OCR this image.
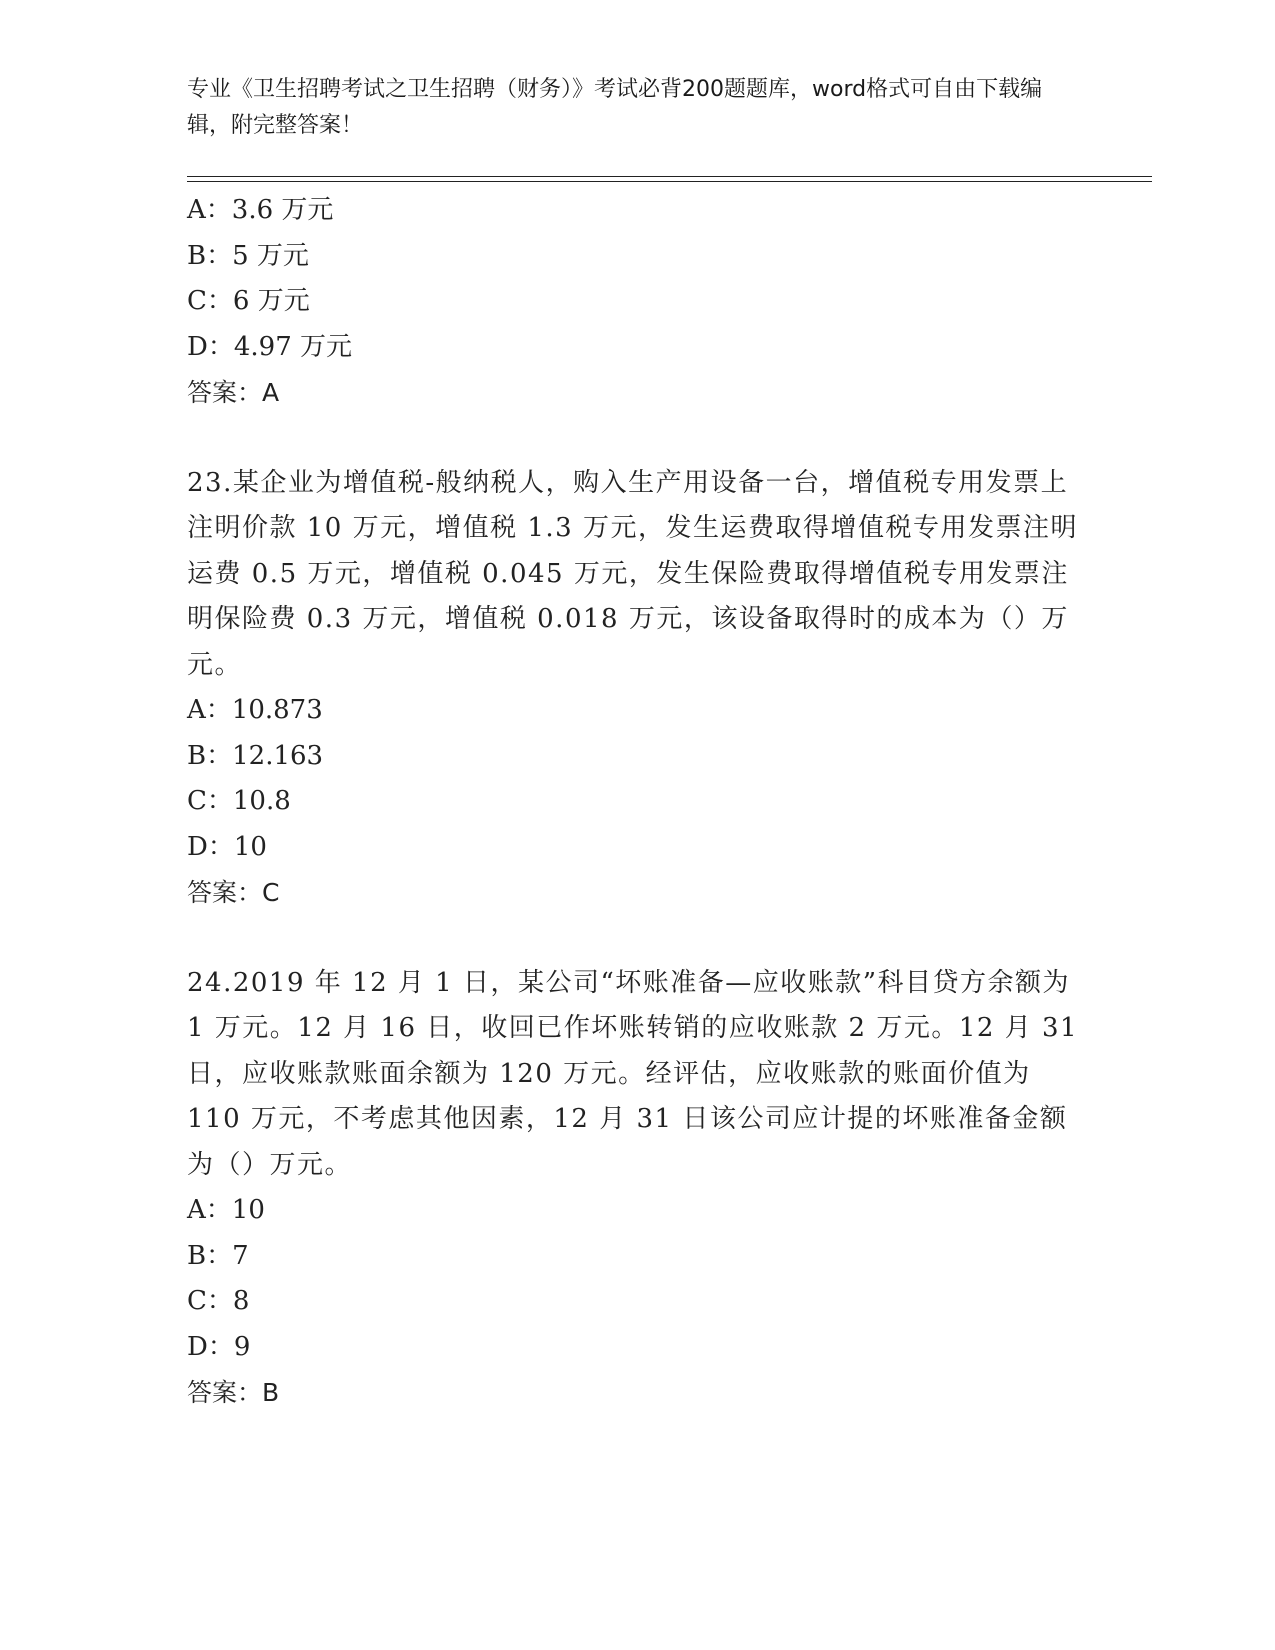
专业《卫生招聘考试之卫生招聘（财务）》考试必背200题题库，word格式可自由下载编辑，附完整答案！
A：3.6 万元
B：5 万元
C：6 万元
D：4.97 万元
答案：A
23.某企业为增值税-般纳税人，购入生产用设备一台，增值税专用发票上注明价款 10 万元，增值税 1.3 万元，发生运费取得增值税专用发票注明运费 0.5 万元，增值税 0.045 万元，发生保险费取得增值税专用发票注明保险费 0.3 万元，增值税 0.018 万元，该设备取得时的成本为（）万元。
A：10.873
B：12.163
C：10.8
D：10
答案：C
24.2019 年 12 月 1 日，某公司“坏账准备—应收账款”科目贷方余额为 1 万元。12 月 16 日，收回已作坏账转销的应收账款 2 万元。12 月 31 日，应收账款账面余额为 120 万元。经评估，应收账款的账面价值为 110 万元，不考虑其他因素，12 月 31 日该公司应计提的坏账准备金额为（）万元。
A：10
B：7
C：8
D：9
答案：B
